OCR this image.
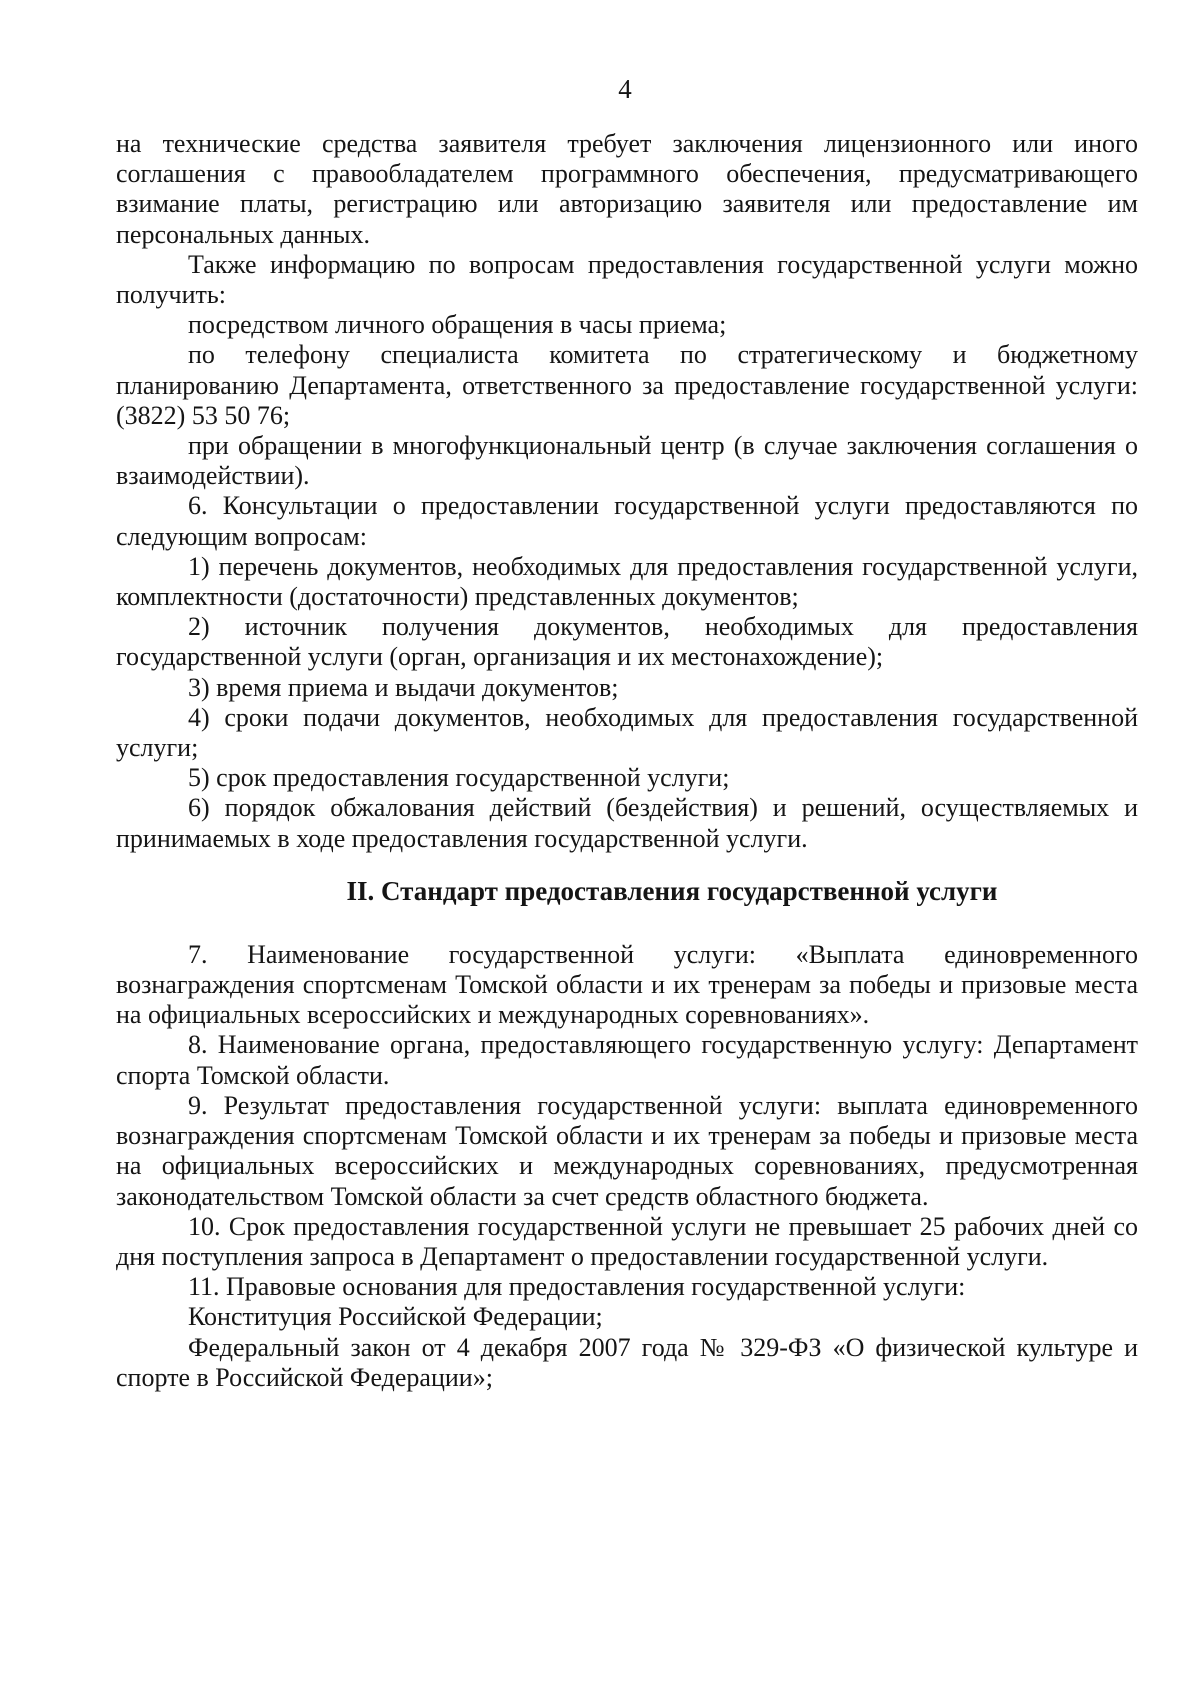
4

на технические средства заявителя требует заключения лицензионного или иного соглашения с правообладателем программного обеспечения, предусматривающего взимание платы, регистрацию или авторизацию заявителя или предоставление им персональных данных.

Также информацию по вопросам предоставления государственной услуги можно получить:

посредством личного обращения в часы приема;

по телефону специалиста комитета по стратегическому и бюджетному планированию Департамента, ответственного за предоставление государственной услуги: (3822) 53 50 76;

при обращении в многофункциональный центр (в случае заключения соглашения о взаимодействии).

6. Консультации о предоставлении государственной услуги предоставляются по следующим вопросам:

1) перечень документов, необходимых для предоставления государственной услуги, комплектности (достаточности) представленных документов;

2) источник получения документов, необходимых для предоставления государственной услуги (орган, организация и их местонахождение);

3) время приема и выдачи документов;

4) сроки подачи документов, необходимых для предоставления государственной услуги;

5) срок предоставления государственной услуги;

6) порядок обжалования действий (бездействия) и решений, осуществляемых и принимаемых в ходе предоставления государственной услуги.

II. Стандарт предоставления государственной услуги

7. Наименование государственной услуги: «Выплата единовременного вознаграждения спортсменам Томской области и их тренерам за победы и призовые места на официальных всероссийских и международных соревнованиях».

8. Наименование органа, предоставляющего государственную услугу: Департамент спорта Томской области.

9. Результат предоставления государственной услуги: выплата единовременного вознаграждения спортсменам Томской области и их тренерам за победы и призовые места на официальных всероссийских и международных соревнованиях, предусмотренная законодательством Томской области за счет средств областного бюджета.

10. Срок предоставления государственной услуги не превышает 25 рабочих дней со дня поступления запроса в Департамент о предоставлении государственной услуги.

11. Правовые основания для предоставления государственной услуги:

Конституция Российской Федерации;

Федеральный закон от 4 декабря 2007 года № 329-ФЗ «О физической культуре и спорте в Российской Федерации»;
